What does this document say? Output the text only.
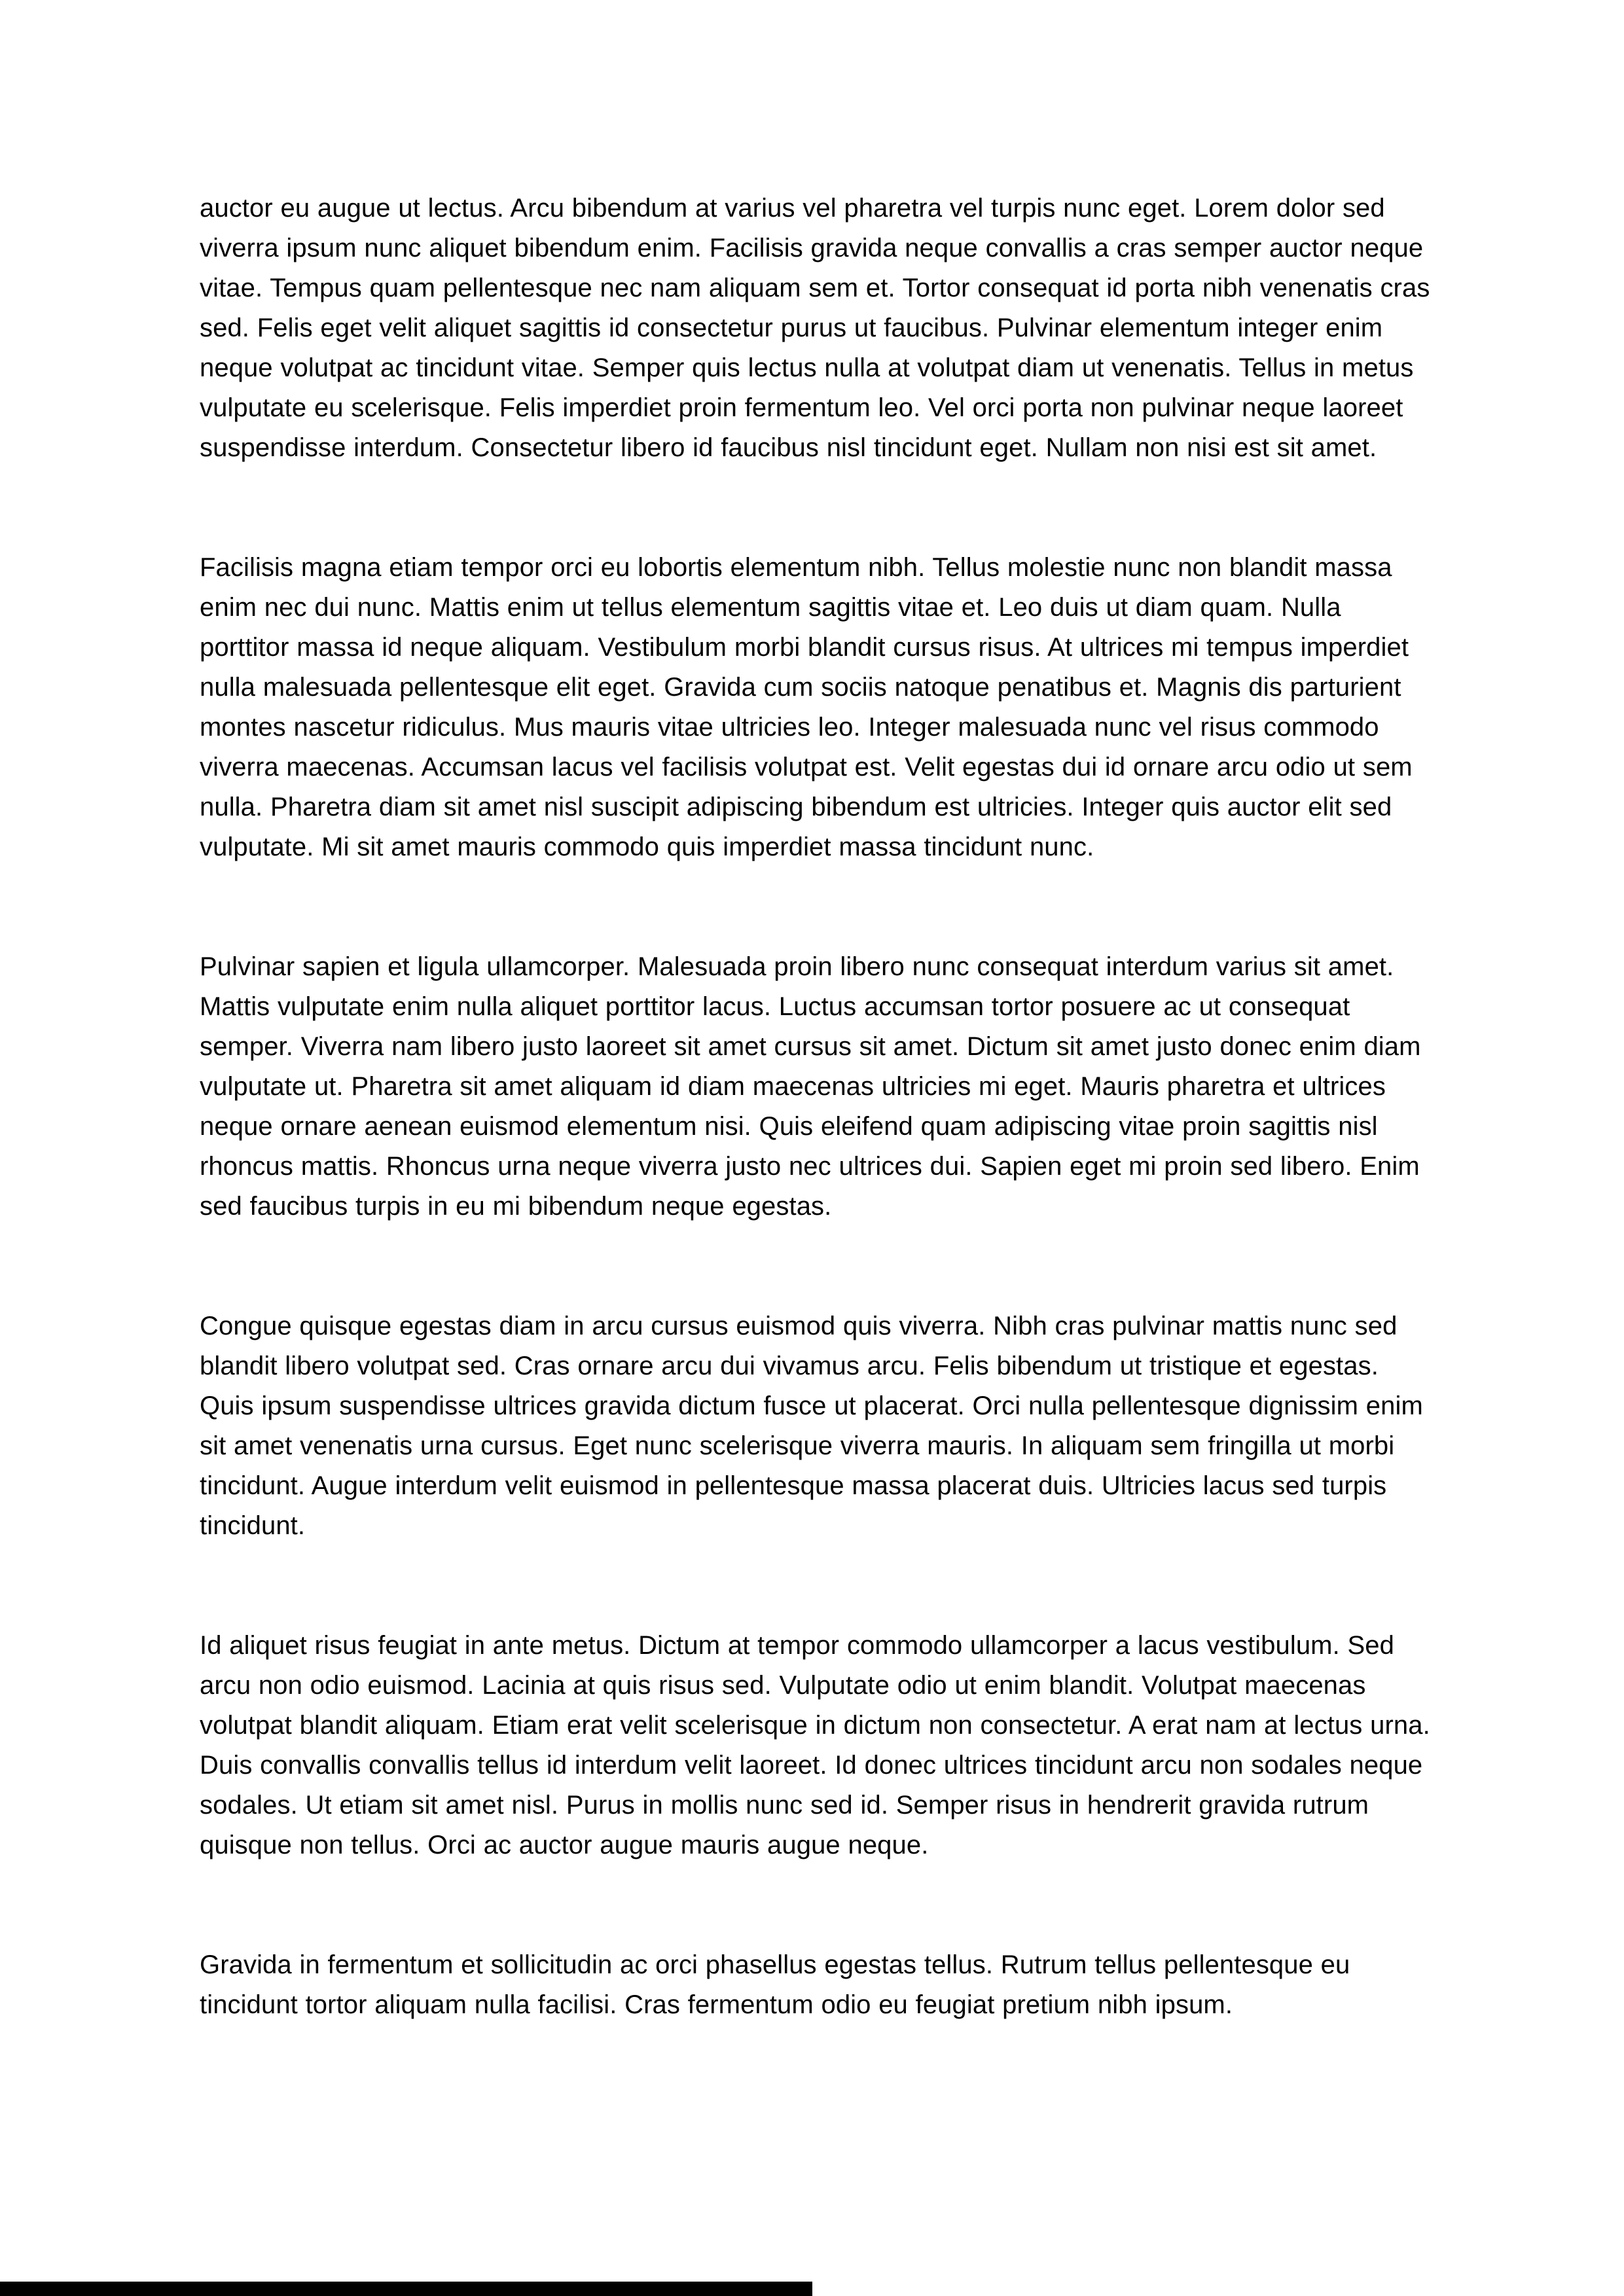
auctor eu augue ut lectus. Arcu bibendum at varius vel pharetra vel turpis nunc eget. Lorem dolor sed viverra ipsum nunc aliquet bibendum enim. Facilisis gravida neque convallis a cras semper auctor neque vitae. Tempus quam pellentesque nec nam aliquam sem et. Tortor consequat id porta nibh venenatis cras sed. Felis eget velit aliquet sagittis id consectetur purus ut faucibus. Pulvinar elementum integer enim neque volutpat ac tincidunt vitae. Semper quis lectus nulla at volutpat diam ut venenatis. Tellus in metus vulputate eu scelerisque. Felis imperdiet proin fermentum leo. Vel orci porta non pulvinar neque laoreet suspendisse interdum. Consectetur libero id faucibus nisl tincidunt eget. Nullam non nisi est sit amet.

Facilisis magna etiam tempor orci eu lobortis elementum nibh. Tellus molestie nunc non blandit massa enim nec dui nunc. Mattis enim ut tellus elementum sagittis vitae et. Leo duis ut diam quam. Nulla porttitor massa id neque aliquam. Vestibulum morbi blandit cursus risus. At ultrices mi tempus imperdiet nulla malesuada pellentesque elit eget. Gravida cum sociis natoque penatibus et. Magnis dis parturient montes nascetur ridiculus. Mus mauris vitae ultricies leo. Integer malesuada nunc vel risus commodo viverra maecenas. Accumsan lacus vel facilisis volutpat est. Velit egestas dui id ornare arcu odio ut sem nulla. Pharetra diam sit amet nisl suscipit adipiscing bibendum est ultricies. Integer quis auctor elit sed vulputate. Mi sit amet mauris commodo quis imperdiet massa tincidunt nunc.

Pulvinar sapien et ligula ullamcorper. Malesuada proin libero nunc consequat interdum varius sit amet. Mattis vulputate enim nulla aliquet porttitor lacus. Luctus accumsan tortor posuere ac ut consequat semper. Viverra nam libero justo laoreet sit amet cursus sit amet. Dictum sit amet justo donec enim diam vulputate ut. Pharetra sit amet aliquam id diam maecenas ultricies mi eget. Mauris pharetra et ultrices neque ornare aenean euismod elementum nisi. Quis eleifend quam adipiscing vitae proin sagittis nisl rhoncus mattis. Rhoncus urna neque viverra justo nec ultrices dui. Sapien eget mi proin sed libero. Enim sed faucibus turpis in eu mi bibendum neque egestas.

Congue quisque egestas diam in arcu cursus euismod quis viverra. Nibh cras pulvinar mattis nunc sed blandit libero volutpat sed. Cras ornare arcu dui vivamus arcu. Felis bibendum ut tristique et egestas. Quis ipsum suspendisse ultrices gravida dictum fusce ut placerat. Orci nulla pellentesque dignissim enim sit amet venenatis urna cursus. Eget nunc scelerisque viverra mauris. In aliquam sem fringilla ut morbi tincidunt. Augue interdum velit euismod in pellentesque massa placerat duis. Ultricies lacus sed turpis tincidunt.

Id aliquet risus feugiat in ante metus. Dictum at tempor commodo ullamcorper a lacus vestibulum. Sed arcu non odio euismod. Lacinia at quis risus sed. Vulputate odio ut enim blandit. Volutpat maecenas volutpat blandit aliquam. Etiam erat velit scelerisque in dictum non consectetur. A erat nam at lectus urna. Duis convallis convallis tellus id interdum velit laoreet. Id donec ultrices tincidunt arcu non sodales neque sodales. Ut etiam sit amet nisl. Purus in mollis nunc sed id. Semper risus in hendrerit gravida rutrum quisque non tellus. Orci ac auctor augue mauris augue neque.

Gravida in fermentum et sollicitudin ac orci phasellus egestas tellus. Rutrum tellus pellentesque eu tincidunt tortor aliquam nulla facilisi. Cras fermentum odio eu feugiat pretium nibh ipsum.
